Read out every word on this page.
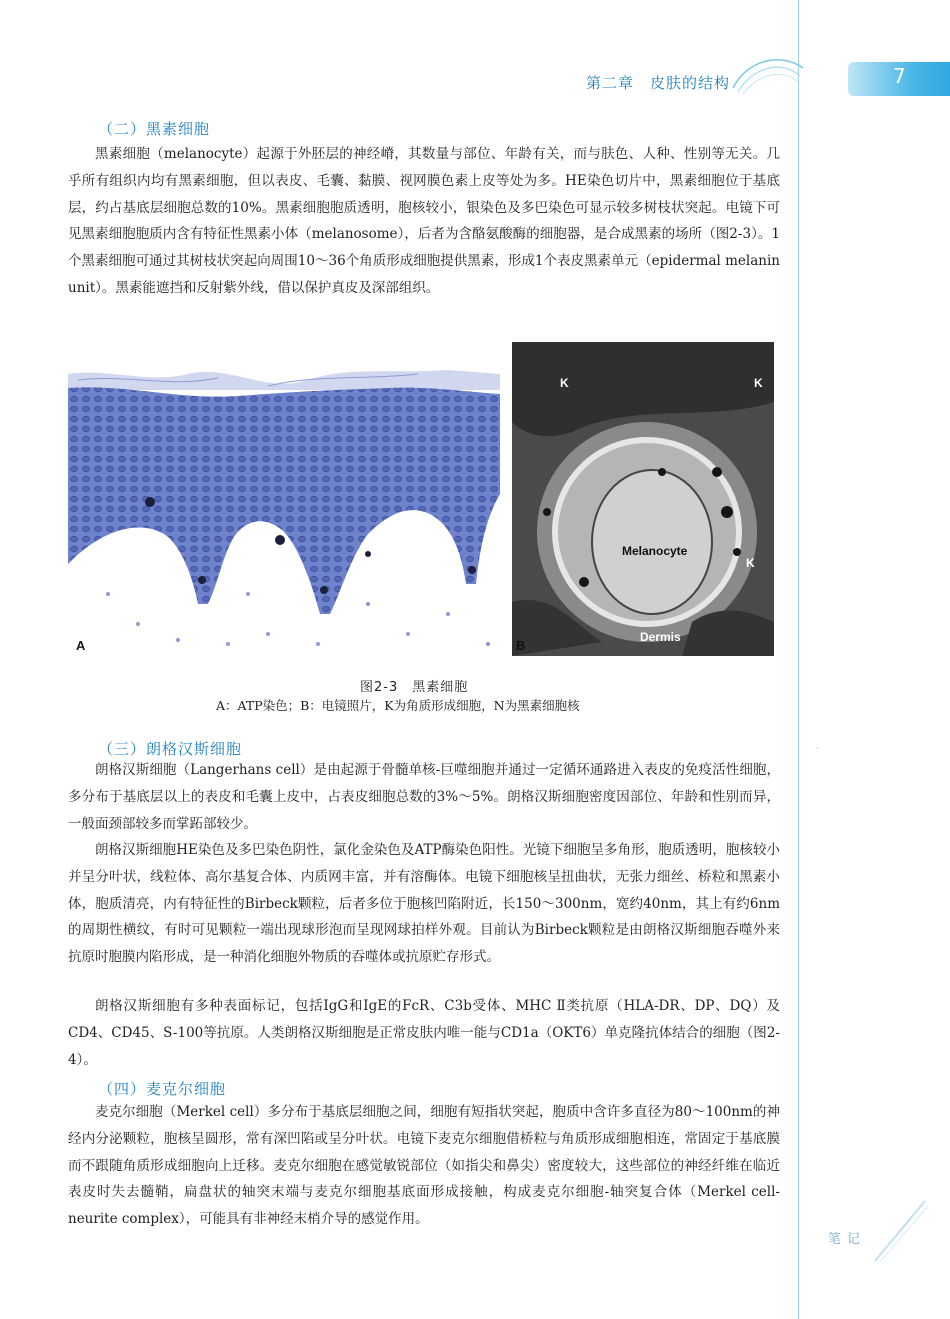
第二章　皮肤的结构	7
（二）黑素细胞

黑素细胞（melanocyte）起源于外胚层的神经嵴，其数量与部位、年龄有关，而与肤色、人种、性别等无关。几乎所有组织内均有黑素细胞，但以表皮、毛囊、黏膜、视网膜色素上皮等处为多。HE染色切片中，黑素细胞位于基底层，约占基底层细胞总数的10%。黑素细胞胞质透明，胞核较小，银染色及多巴染色可显示较多树枝状突起。电镜下可见黑素细胞胞质内含有特征性黑素小体（melanosome），后者为含酪氨酸酶的细胞器，是合成黑素的场所（图2-3）。1个黑素细胞可通过其树枝状突起向周围10～36个角质形成细胞提供黑素，形成1个表皮黑素单元（epidermal melanin unit）。黑素能遮挡和反射紫外线，借以保护真皮及深部组织。

A
K	K
K
Melanocyte
Dermis
B
图2-3　黑素细胞
A：ATP染色；B：电镜照片，K为角质形成细胞，N为黑素细胞核
·
（三）朗格汉斯细胞

朗格汉斯细胞（Langerhans cell）是由起源于骨髓单核-巨噬细胞并通过一定循环通路进入表皮的免疫活性细胞，多分布于基底层以上的表皮和毛囊上皮中，占表皮细胞总数的3%～5%。朗格汉斯细胞密度因部位、年龄和性别而异，一般面颈部较多而掌跖部较少。

朗格汉斯细胞HE染色及多巴染色阴性，氯化金染色及ATP酶染色阳性。光镜下细胞呈多角形，胞质透明，胞核较小并呈分叶状，线粒体、高尔基复合体、内质网丰富，并有溶酶体。电镜下细胞核呈扭曲状，无张力细丝、桥粒和黑素小体，胞质清亮，内有特征性的Birbeck颗粒，后者多位于胞核凹陷附近，长150～300nm，宽约40nm，其上有约6nm的周期性横纹，有时可见颗粒一端出现球形泡而呈现网球拍样外观。目前认为Birbeck颗粒是由朗格汉斯细胞吞噬外来抗原时胞膜内陷形成，是一种消化细胞外物质的吞噬体或抗原贮存形式。

朗格汉斯细胞有多种表面标记，包括IgG和IgE的FcR、C3b受体、MHC Ⅱ类抗原（HLA-DR、DP、DQ）及CD4、CD45、S-100等抗原。人类朗格汉斯细胞是正常皮肤内唯一能与CD1a（OKT6）单克隆抗体结合的细胞（图2-4）。

（四）麦克尔细胞

麦克尔细胞（Merkel cell）多分布于基底层细胞之间，细胞有短指状突起，胞质中含许多直径为80～100nm的神经内分泌颗粒，胞核呈圆形，常有深凹陷或呈分叶状。电镜下麦克尔细胞借桥粒与角质形成细胞相连，常固定于基底膜而不跟随角质形成细胞向上迁移。麦克尔细胞在感觉敏锐部位（如指尖和鼻尖）密度较大，这些部位的神经纤维在临近表皮时失去髓鞘，扁盘状的轴突末端与麦克尔细胞基底面形成接触，构成麦克尔细胞-轴突复合体（Merkel cell-neurite complex），可能具有非神经末梢介导的感觉作用。

笔记
